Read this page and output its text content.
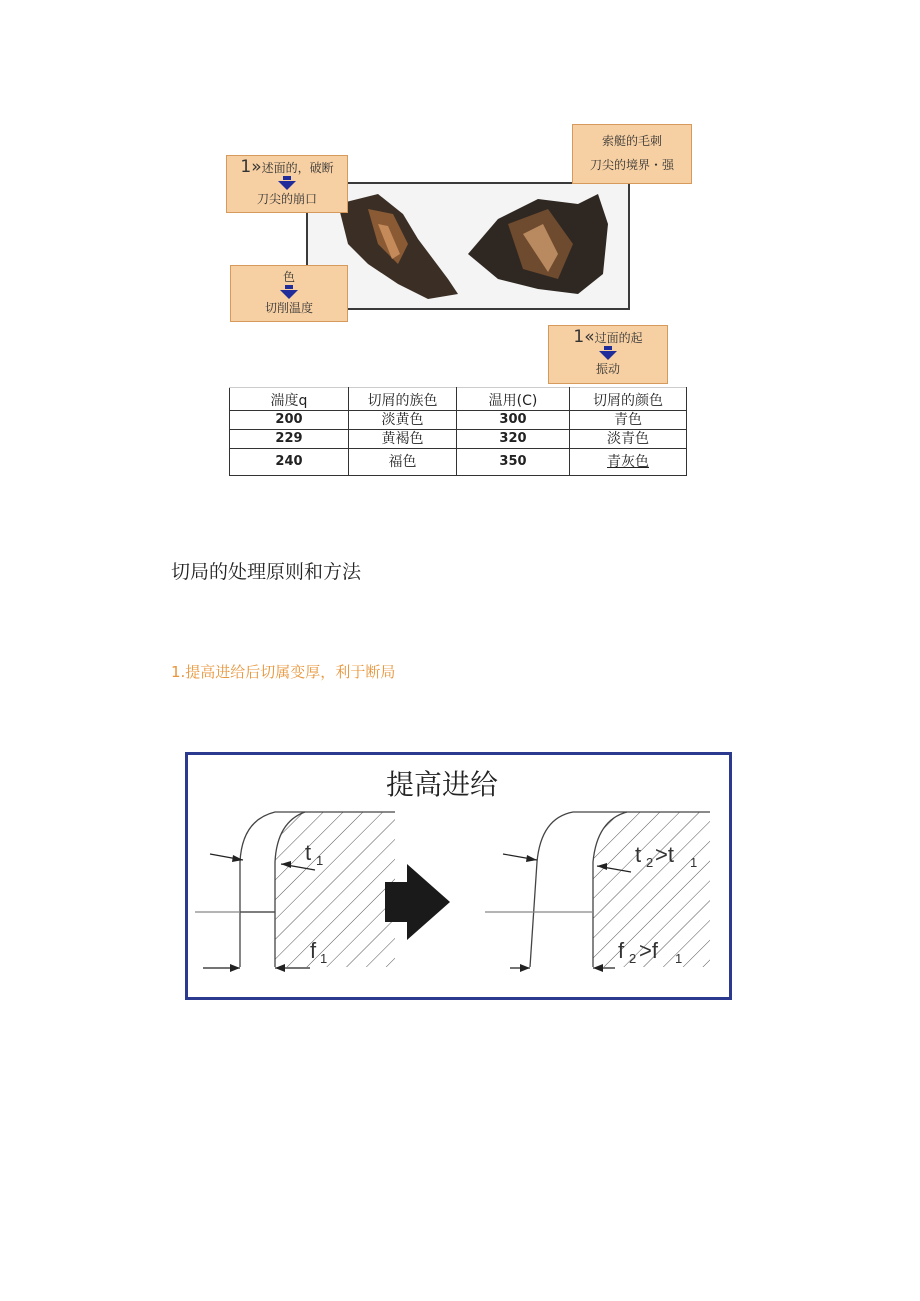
1»述面的，破断
刀尖的崩口
色
切削温度
索艇的毛刺
刀尖的境界・强
1«过面的起
振动
湍度q	切屑的族色	温用(C)	切屑的颜色
200	淡黄色	300	青色
229	黄褐色	320	淡青色
240	福色	350	青灰色
切局的处理原则和方法
1.提高进给后切属变厚，利于断局
提高进给
t 1
f 1
t 2 >t 1
f 2 >f 1
